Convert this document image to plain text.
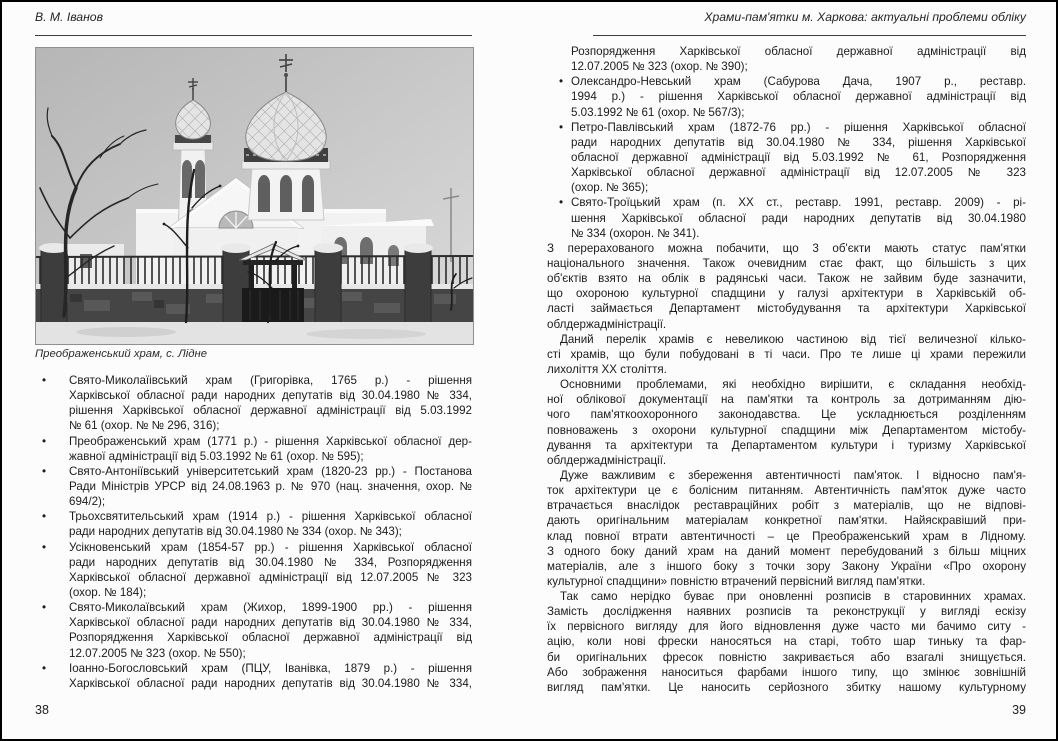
В. М. Іванов
Преображенський храм, с. Лідне
•	Свято-Миколаїівський храм (Григорівка, 1765 р.) - рішення
Харківської обласної ради народних депутатів від 30.04.1980 № 334,
рішення Харківської обласної державної адміністрації від 5.03.1992
№ 61 (охор. № № 296, 316);
•	Преображенський храм (1771 р.) - рішення Харківської обласної дер-
жавної адміністрації від 5.03.1992 № 61 (охор. № 595);
•	Свято-Антоніївський університетський храм (1820-23 рр.) - Постанова
Ради Міністрів УРСР від 24.08.1963 р. № 970 (нац. значення, охор. №
694/2);
•	Трьохсвятительський храм (1914 р.) - рішення Харківської обласної
ради народних депутатів від 30.04.1980 № 334 (охор. № 343);
•	Усікновенський храм (1854-57 рр.) - рішення Харківської обласної
ради народних депутатів від 30.04.1980 № 334, Розпорядження
Харківської обласної державної адміністрації від 12.07.2005 № 323
(охор. № 184);
•	Свято-Миколаївський храм (Жихор, 1899-1900 рр.) - рішення
Харківської обласної ради народних депутатів від 30.04.1980 № 334,
Розпорядження Харківської обласної державної адміністрації від
12.07.2005 № 323 (охор. № 550);
•	Іоанно-Богословський храм (ПЦУ, Іванівка, 1879 р.) - рішення
Харківської обласної ради народних депутатів від 30.04.1980 № 334,
38
Храми-пам'ятки м. Харкова: актуальні проблеми обліку
Розпорядження Харківської обласної державної адміністрації від
12.07.2005 № 323 (охор. № 390);
• Олександро-Невський храм (Сабурова Дача, 1907 р., реставр.
1994 р.) - рішення Харківської обласної державної адміністрації від
5.03.1992 № 61 (охор. № 567/3);
• Петро-Павлівський храм (1872-76 рр.) - рішення Харківської обласної
ради народних депутатів від 30.04.1980 № 334, рішення Харківської
обласної державної адміністрації від 5.03.1992 № 61, Розпорядження
Харківської обласної державної адміністрації від 12.07.2005 № 323
(охор. № 365);
• Свято-Троїцький храм (п. XX ст., реставр. 1991, реставр. 2009) - рі-
шення Харківської обласної ради народних депутатів від 30.04.1980
№ 334 (охорон. № 341).
З перерахованого можна побачити, що 3 об'єкти мають статус пам'ятки
національного значення. Також очевидним стає факт, що більшість з цих
об'єктів взято на облік в радянські часи. Також не зайвим буде зазначити,
що охороною культурної спадщини у галузі архітектури в Харківській об-
ласті займається Департамент містобудування та архітектури Харківської
облдержадміністрації.
Даний перелік храмів є невеликою частиною від тієї величезної кілько-
сті храмів, що були побудовані в ті часи. Про те лише ці храми пережили
лихоліття XX століття.
Основними проблемами, які необхідно вирішити, є складання необхід-
ної облікової документації на пам'ятки та контроль за дотриманням дію-
чого пам'яткоохоронного законодавства. Це ускладнюється розділенням
повноважень з охорони культурної спадщини між Департаментом містобу-
дування та архітектури та Департаментом культури і туризму Харківської
облдержадміністрації.
Дуже важливим є збереження автентичності пам'яток. І відносно пам'я-
ток архітектури це є болісним питанням. Автентичність пам'яток дуже часто
втрачається внаслідок реставраційних робіт з матеріалів, що не відпові-
дають оригінальним матеріалам конкретної пам'ятки. Найяскравіший при-
клад повної втрати автентичності – це Преображенський храм в Лідному.
З одного боку даний храм на даний момент перебудований з більш міцних
матеріалів, але з іншого боку з точки зору Закону України «Про охорону
культурної спадщини» повністю втрачений первісний вигляд пам'ятки.
Так само нерідко буває при оновленні розписів в старовинних храмах.
Замість дослідження наявних розписів та реконструкції у вигляді ескізу
їх первісного вигляду для його відновлення дуже часто ми бачимо ситу -
ацію, коли нові фрески наносяться на старі, тобто шар тиньку та фар-
би оригінальних фресок повністю закривається або взагалі знищується.
Або зображення наноситься фарбами іншого типу, що змінює зовнішній
вигляд пам'ятки. Це наносить серйозного збитку нашому культурному
39
